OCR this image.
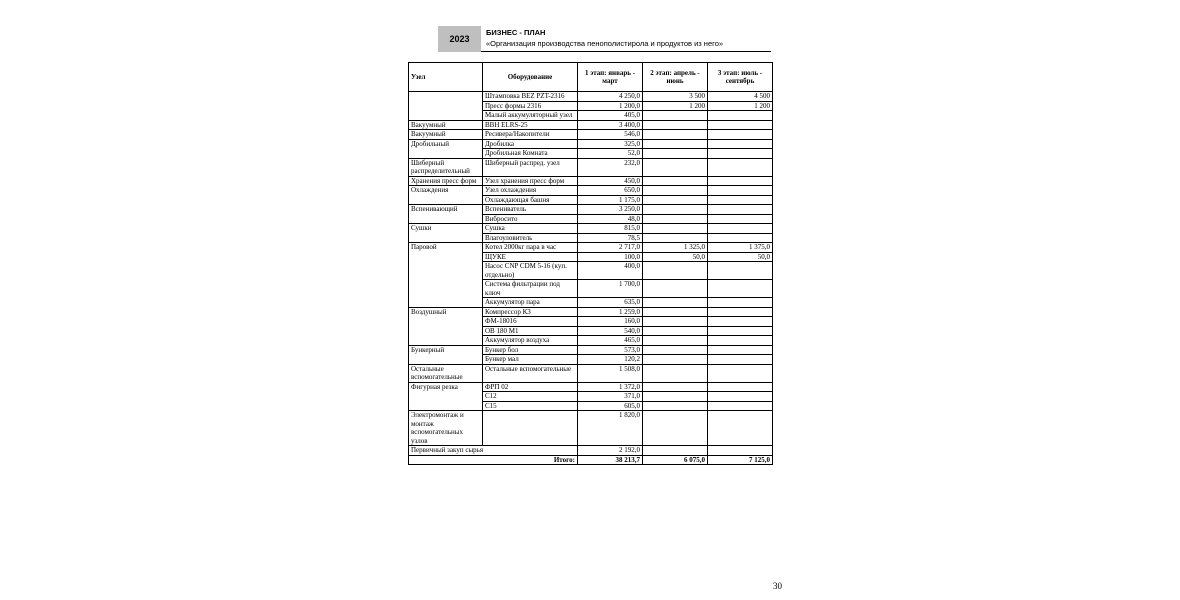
2023
БИЗНЕС - ПЛАН
«Организация производства пенополистирола и продуктов из него»
Узел	Оборудование	1 этап: январь - март	2 этап: апрель - июнь	3 этап: июль - сентябрь
	Штамповка BEZ PZT-2316	4 250,0	3 500	4 500
	Пресс формы 2316	1 200,0	1 200	1 200
	Малый аккумуляторный узел	405,0		
Вакуумный	ВВН ELRS-25	3 400,0		
Вакуумный	Ресивера/Накопители	546,0		
Дробильный	Дробилка	325,0		
	Дробильная Комната	52,0		
Шиберный распределительный	Шиберный распред. узел	232,0		
Хранения пресс форм	Узел хранения пресс форм	450,0		
Охлаждения	Узел охлаждения	650,0		
	Охлаждающая башня	1 175,0		
Вспенивающий	Вспениватель	3 250,0		
	Вибросито	48,0		
Сушки	Сушка	815,0		
	Влагоуловитель	78,5		
Паровой	Котел 2000кг пара в час	2 717,0	1 325,0	1 375,0
	ЩУКЕ	100,0	50,0	50,0
	Насос CNP CDM 5-16 (куп. отдельно)	400,0		
	Система фильтрации под ключ	1 700,0		
	Аккумулятор пара	635,0		
Воздушный	Компрессор К3	1 259,0		
	ФМ-18016	160,0		
	ОВ 180 М1	540,0		
	Аккумулятор воздуха	465,0		
Бункерный	Бункер бол	573,0		
	Бункер мал	120,2		
Остальные вспомогательные	Остальные вспомогательные	1 508,0		
Фигурная резка	ФРП 02	1 372,0		
	С12	371,0		
	С15	605,0		
Электромонтаж и монтаж вспомогательных узлов		1 820,0		
Первичный закуп сырья		2 192,0		
Итого:		38 213,7	6 075,0	7 125,0
30
